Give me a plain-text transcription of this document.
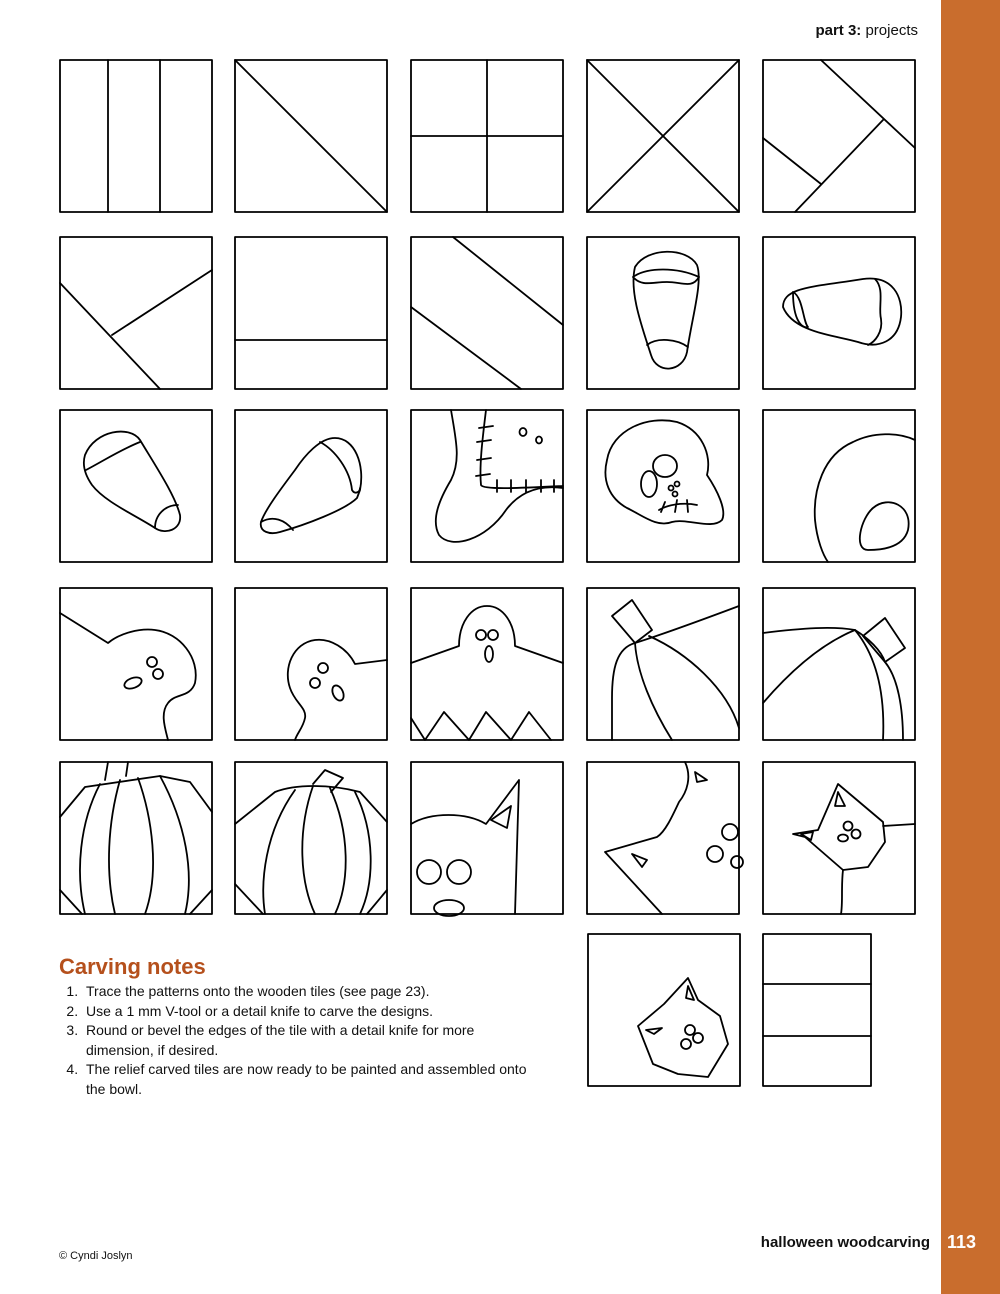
part 3: projects
Carving notes
1. Trace the patterns onto the wooden tiles (see page 23).
2. Use a 1 mm V-tool or a detail knife to carve the designs.
3. Round or bevel the edges of the tile with a detail knife for more dimension, if desired.
4. The relief carved tiles are now ready to be painted and assembled onto the bowl.
halloween woodcarving 113
© Cyndi Joslyn
